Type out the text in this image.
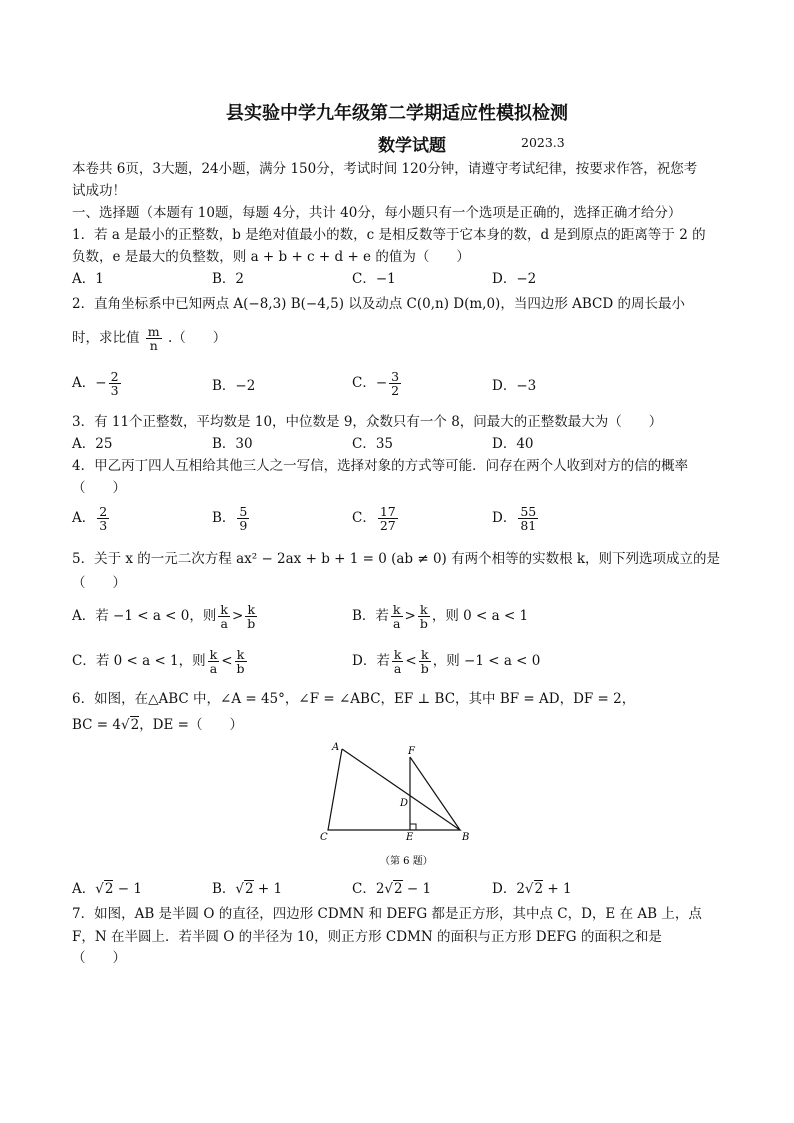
县实验中学九年级第二学期适应性模拟检测
数学试题	2023.3
本卷共 6页，3大题，24小题，满分 150分，考试时间 120分钟，请遵守考试纪律，按要求作答，祝您考
试成功！
一、选择题（本题有 10题，每题 4分，共计 40分，每小题只有一个选项是正确的，选择正确才给分）
1．若 a 是最小的正整数，b 是绝对值最小的数，c 是相反数等于它本身的数，d 是到原点的距离等于 2 的
负数，e 是最大的负整数，则 a + b + c + d + e 的值为（　　）
A．1	B．2	C．−1	D．−2
2．直角坐标系中已知两点 A(−8,3) B(−4,5) 以及动点 C(0,n) D(m,0)，当四边形 ABCD 的周长最小
时，求比值 $\frac{m}{n}$ .（　　）
A．− $\frac{2}{3}$	B．−2	C．− $\frac{3}{2}$	D．−3
3．有 11个正整数，平均数是 10，中位数是 9，众数只有一个 8，问最大的正整数最大为（　　）
A．25	B．30	C．35	D．40
4．甲乙丙丁四人互相给其他三人之一写信，选择对象的方式等可能．问存在两个人收到对方的信的概率
（　　）
A． $\frac{2}{3}$	B． $\frac{5}{9}$	C． $\frac{17}{27}$	D． $\frac{55}{81}$
5．关于 x 的一元二次方程 ax² − 2ax + b + 1 = 0 (ab ≠ 0) 有两个相等的实数根 k，则下列选项成立的是
（　　）
A．若 −1 < a < 0，则 $\frac{k}{a} > \frac{k}{b}$	B．若 $\frac{k}{a} > \frac{k}{b}$ ，则 0 < a < 1
C．若 0 < a < 1，则 $\frac{k}{a} < \frac{k}{b}$	D．若 $\frac{k}{a} < \frac{k}{b}$ ，则 −1 < a < 0
6．如图，在△ABC 中，∠A = 45°，∠F = ∠ABC，EF ⊥ BC，其中 BF = AD，DF = 2，
BC = 4√2，DE =（　　）
A
B
C
D
E
F
（第 6 题）
A．√2 − 1	B．√2 + 1	C．2√2 − 1	D．2√2 + 1
7．如图，AB 是半圆 O 的直径，四边形 CDMN 和 DEFG 都是正方形，其中点 C，D，E 在 AB 上，点
F，N 在半圆上．若半圆 O 的半径为 10，则正方形 CDMN 的面积与正方形 DEFG 的面积之和是
（　　）
